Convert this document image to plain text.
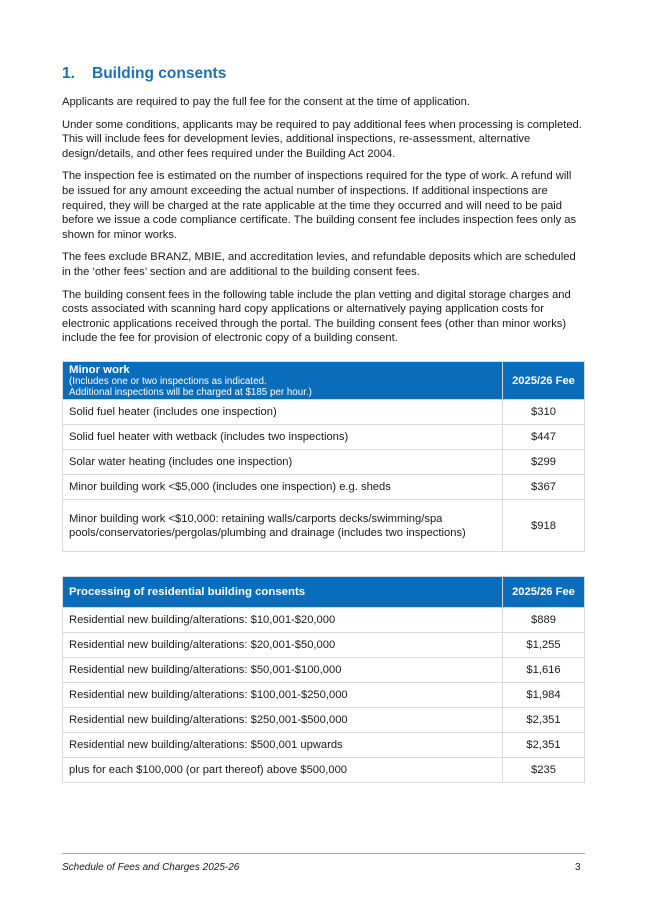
1. Building consents

Applicants are required to pay the full fee for the consent at the time of application.

Under some conditions, applicants may be required to pay additional fees when processing is completed. This will include fees for development levies, additional inspections, re-assessment, alternative design/details, and other fees required under the Building Act 2004.

The inspection fee is estimated on the number of inspections required for the type of work. A refund will be issued for any amount exceeding the actual number of inspections. If additional inspections are required, they will be charged at the rate applicable at the time they occurred and will need to be paid before we issue a code compliance certificate. The building consent fee includes inspection fees only as shown for minor works.

The fees exclude BRANZ, MBIE, and accreditation levies, and refundable deposits which are scheduled in the ‘other fees’ section and are additional to the building consent fees.

The building consent fees in the following table include the plan vetting and digital storage charges and costs associated with scanning hard copy applications or alternatively paying application costs for electronic applications received through the portal. The building consent fees (other than minor works) include the fee for provision of electronic copy of a building consent.

Minor work
(Includes one or two inspections as indicated.
Additional inspections will be charged at $185 per hour.)	2025/26 Fee
Solid fuel heater (includes one inspection)	$310
Solid fuel heater with wetback (includes two inspections)	$447
Solar water heating (includes one inspection)	$299
Minor building work <$5,000 (includes one inspection) e.g. sheds	$367
Minor building work <$10,000: retaining walls/carports decks/swimming/spa pools/conservatories/pergolas/plumbing and drainage (includes two inspections)	$918
Processing of residential building consents	2025/26 Fee
Residential new building/alterations: $10,001-$20,000	$889
Residential new building/alterations: $20,001-$50,000	$1,255
Residential new building/alterations: $50,001-$100,000	$1,616
Residential new building/alterations: $100,001-$250,000	$1,984
Residential new building/alterations: $250,001-$500,000	$2,351
Residential new building/alterations: $500,001 upwards	$2,351
plus for each $100,000 (or part thereof) above $500,000	$235
Schedule of Fees and Charges 2025-26	3
